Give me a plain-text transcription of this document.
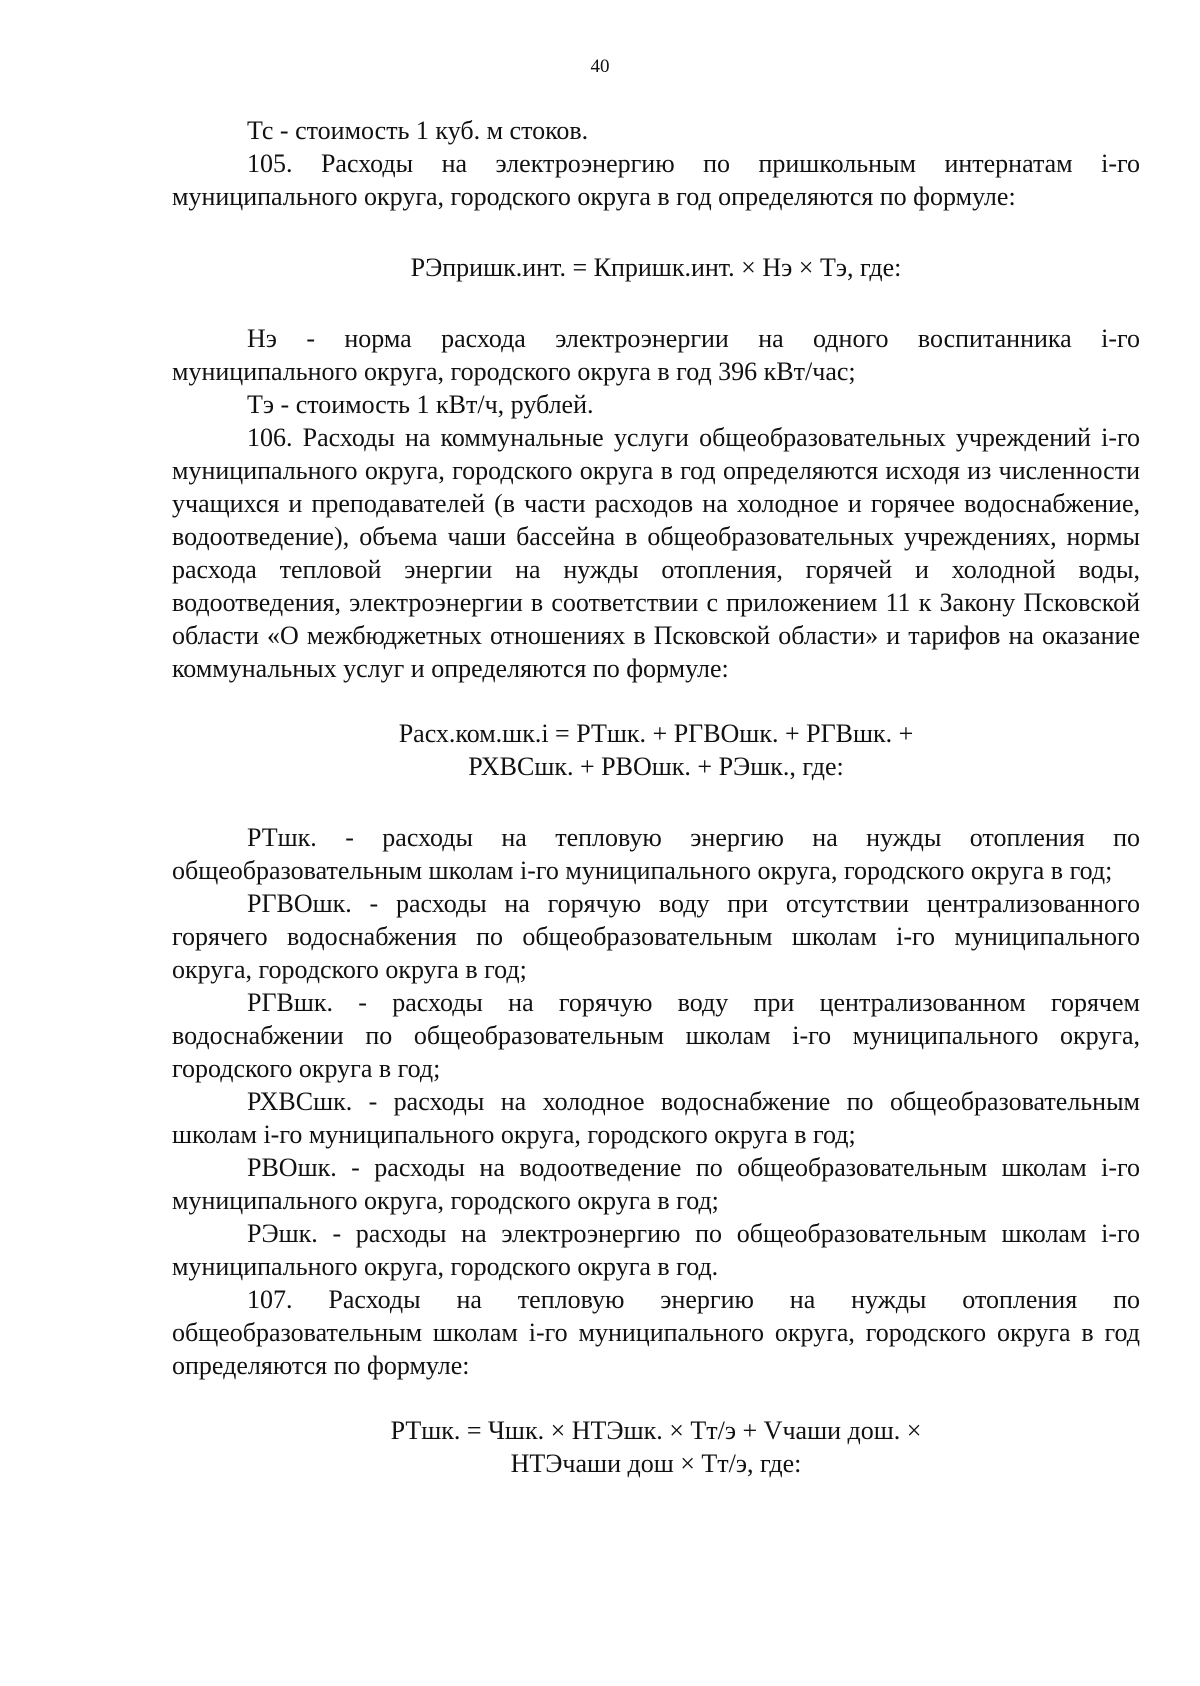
40

Тс - стоимость 1 куб. м стоков.

105. Расходы на электроэнергию по пришкольным интернатам i-го муниципального округа, городского округа в год определяются по формуле:

РЭпришк.инт. = Кпришк.инт. × Нэ × Тэ, где:

Нэ - норма расхода электроэнергии на одного воспитанника i-го муниципального округа, городского округа в год 396 кВт/час;

Тэ - стоимость 1 кВт/ч, рублей.

106. Расходы на коммунальные услуги общеобразовательных учреждений i-го муниципального округа, городского округа в год определяются исходя из численности учащихся и преподавателей (в части расходов на холодное и горячее водоснабжение, водоотведение), объема чаши бассейна в общеобразовательных учреждениях, нормы расхода тепловой энергии на нужды отопления, горячей и холодной воды, водоотведения, электроэнергии в соответствии с приложением 11 к Закону Псковской области «О межбюджетных отношениях в Псковской области» и тарифов на оказание коммунальных услуг и определяются по формуле:

Расх.ком.шк.i = РТшк. + РГВОшк. + РГВшк. +

РХВСшк. + РВОшк. + РЭшк., где:

РТшк. - расходы на тепловую энергию на нужды отопления по общеобразовательным школам i-го муниципального округа, городского округа в год;

РГВОшк. - расходы на горячую воду при отсутствии централизованного горячего водоснабжения по общеобразовательным школам i-го муниципального округа, городского округа в год;

РГВшк. - расходы на горячую воду при централизованном горячем водоснабжении по общеобразовательным школам i-го муниципального округа, городского округа в год;

РХВСшк. - расходы на холодное водоснабжение по общеобразовательным школам i-го муниципального округа, городского округа в год;

РВОшк. - расходы на водоотведение по общеобразовательным школам i-го муниципального округа, городского округа в год;

РЭшк. - расходы на электроэнергию по общеобразовательным школам i-го муниципального округа, городского округа в год.

107. Расходы на тепловую энергию на нужды отопления по общеобразовательным школам i-го муниципального округа, городского округа в год определяются по формуле:

РТшк. = Чшк. × НТЭшк. × Тт/э + Vчаши дош. ×

НТЭчаши дош × Тт/э, где:
